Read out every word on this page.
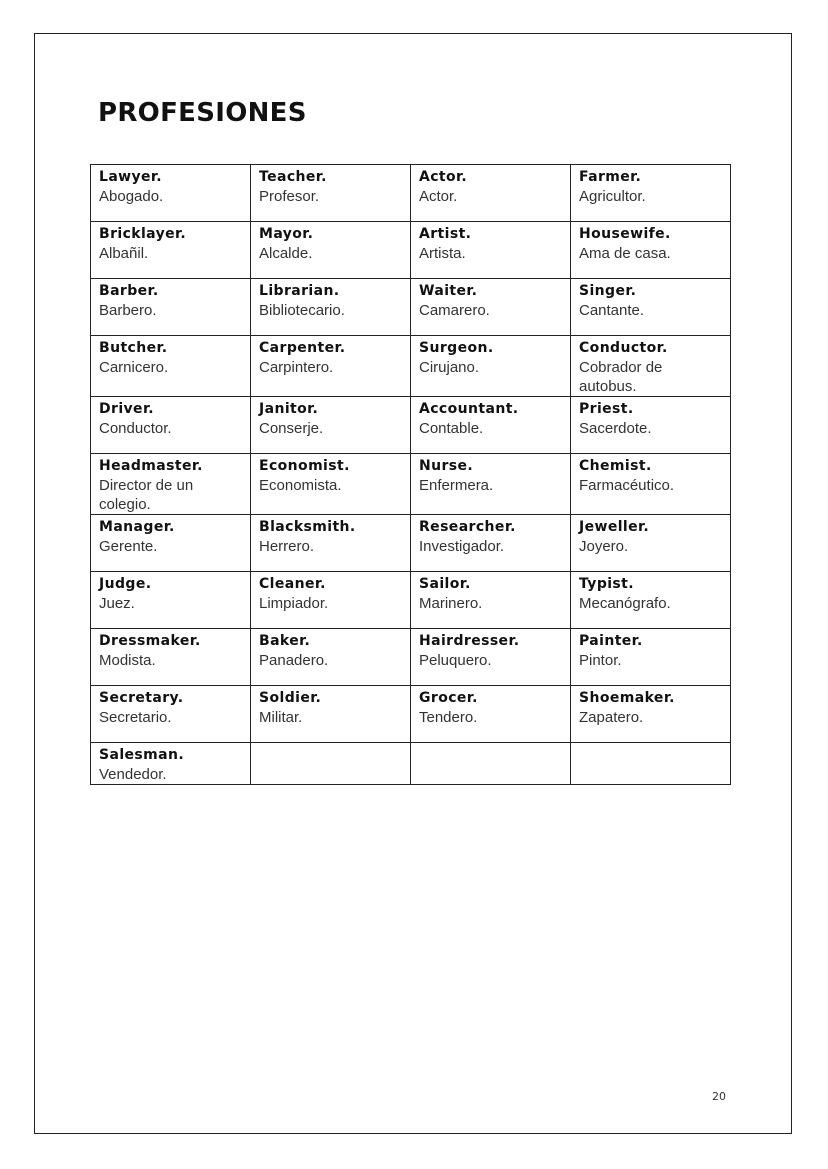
PROFESIONES
Lawyer.
Abogado.	Teacher.
Profesor.	Actor.
Actor.	Farmer.
Agricultor.

Bricklayer.
Albañil.	Mayor.
Alcalde.	Artist.
Artista.	Housewife.
Ama de casa.

Barber.
Barbero.	Librarian.
Bibliotecario.	Waiter.
Camarero.	Singer.
Cantante.

Butcher.
Carnicero.	Carpenter.
Carpintero.	Surgeon.
Cirujano.	Conductor.
Cobrador de autobus.

Driver.
Conductor.	Janitor.
Conserje.	Accountant.
Contable.	Priest.
Sacerdote.

Headmaster.
Director de un colegio.	Economist.
Economista.	Nurse.
Enfermera.	Chemist.
Farmacéutico.

Manager.
Gerente.	Blacksmith.
Herrero.	Researcher.
Investigador.	Jeweller.
Joyero.

Judge.
Juez.	Cleaner.
Limpiador.	Sailor.
Marinero.	Typist.
Mecanógrafo.

Dressmaker.
Modista.	Baker.
Panadero.	Hairdresser.
Peluquero.	Painter.
Pintor.

Secretary.
Secretario.	Soldier.
Militar.	Grocer.
Tendero.	Shoemaker.
Zapatero.

Salesman.
Vendedor.			

20
